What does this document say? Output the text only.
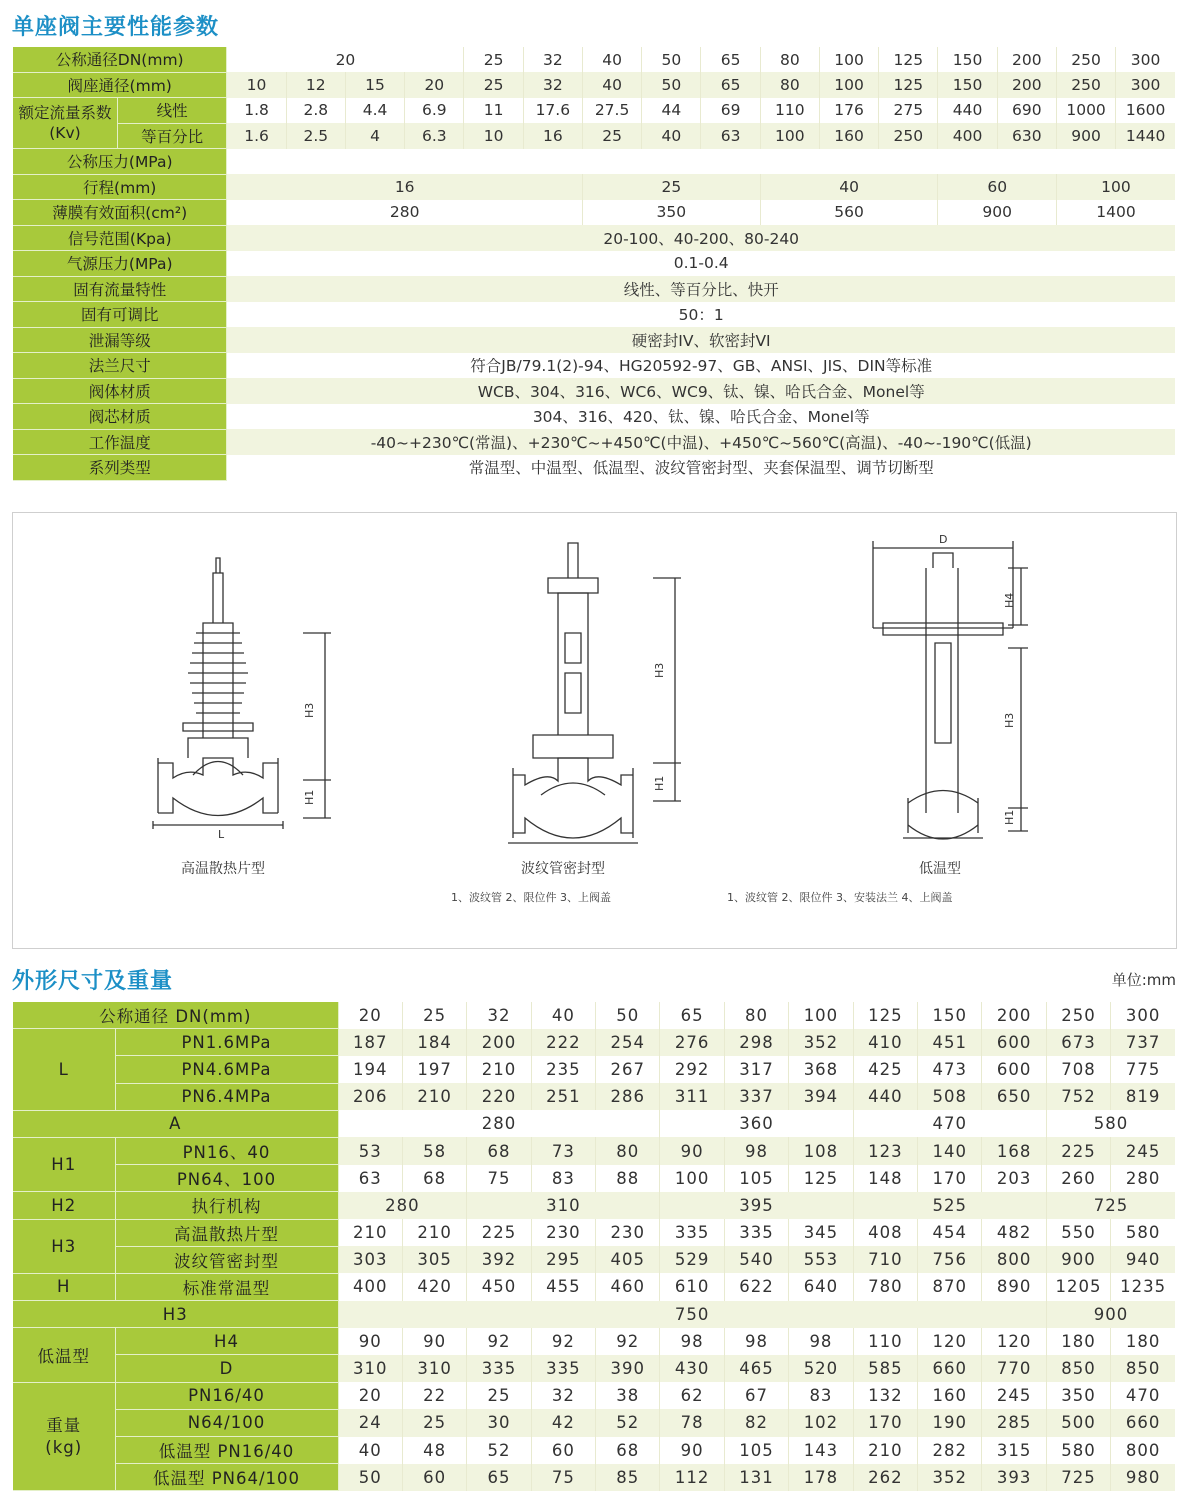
单座阀主要性能参数
公称通径DN(mm)		20				25	32	40	50	65	80	100	125	150	200	250	300
阀座通径(mm)		10	12	15	20	25	32	40	50	65	80	100	125	150	200	250	300
额定流量系数(Kv)	线性	1.8	2.8	4.4	6.9	11	17.6	27.5	44	69	110	176	275	440	690	1000	1600
	等百分比	1.6	2.5	4	6.3	10	16	25	40	63	100	160	250	400	630	900	1440
公称压力(MPa)																	
行程(mm)		16						25			40			60		100	
薄膜有效面积(cm²)		280						350			560			900		1400	
信号范围(Kpa)		20-100、40-200、80-240															
气源压力(MPa)		0.1-0.4															
固有流量特性		线性、等百分比、快开															
固有可调比		50：1															
泄漏等级		硬密封IV、软密封VI															
法兰尺寸		符合JB/79.1(2)-94、HG20592-97、GB、ANSI、JIS、DIN等标准															
阀体材质		WCB、304、316、WC6、WC9、钛、镍、哈氏合金、Monel等															
阀芯材质		304、316、420、钛、镍、哈氏合金、Monel等															
工作温度		-40~+230℃(常温)、+230℃~+450℃(中温)、+450℃~560℃(高温)、-40~-190℃(低温)															
系列类型		常温型、中温型、低温型、波纹管密封型、夹套保温型、调节切断型															
H3
H1
L
H3
H1
D
H4
H3
H1
高温散热片型	波纹管密封型
1、波纹管 2、限位件 3、上阀盖
低温型
1、波纹管 2、限位件 3、安装法兰 4、上阀盖
外形尺寸及重量	单位:mm
公称通径 DN(mm)		20	25	32	40	50	65	80	100	125	150	200	250	300
L	PN1.6MPa	187	184	200	222	254	276	298	352	410	451	600	673	737
	PN4.6MPa	194	197	210	235	267	292	317	368	425	473	600	708	775
	PN6.4MPa	206	210	220	251	286	311	337	394	440	508	650	752	819
A		280					360			470			580	
H1	PN16、40	53	58	68	73	80	90	98	108	123	140	168	225	245
	PN64、100	63	68	75	83	88	100	105	125	148	170	203	260	280
H2	执行机构	280		310			395			525			725	
H3	高温散热片型	210	210	225	230	230	335	335	345	408	454	482	550	580
	波纹管密封型	303	305	392	295	405	529	540	553	710	756	800	900	940
H	标准常温型	400	420	450	455	460	610	622	640	780	870	890	1205	1235
H3		750											900	
低温型	H4	90	90	92	92	92	98	98	98	110	120	120	180	180
	D	310	310	335	335	390	430	465	520	585	660	770	850	850
重量
(kg)	PN16/40	20	22	25	32	38	62	67	83	132	160	245	350	470
	N64/100	24	25	30	42	52	78	82	102	170	190	285	500	660
	低温型 PN16/40	40	48	52	60	68	90	105	143	210	282	315	580	800
	低温型 PN64/100	50	60	65	75	85	112	131	178	262	352	393	725	980
